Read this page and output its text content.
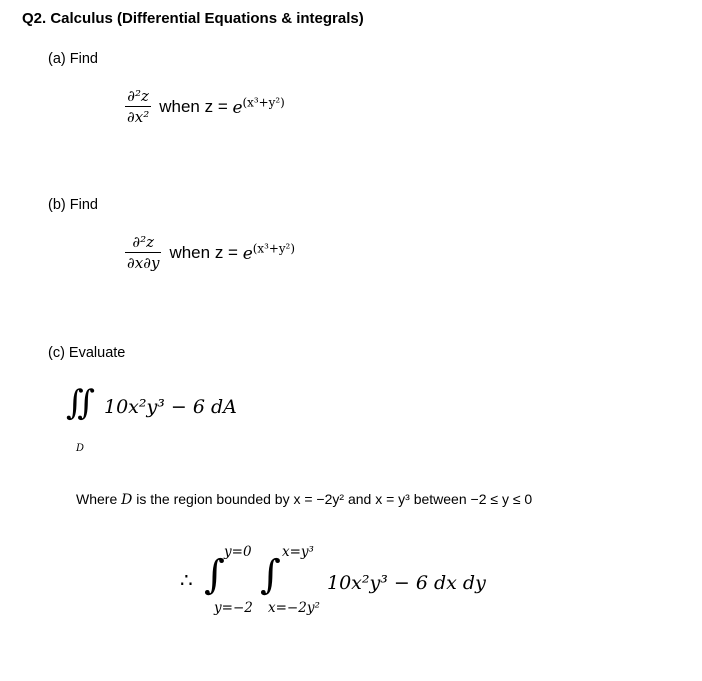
Q2. Calculus (Differential Equations & integrals)
(a) Find
$\frac{\text{∂²z}}{\text{∂x²}}$ when $z = e^{(x^3+y^2)}$
(b) Find
$\frac{\text{∂²z}}{\partial x\partial y}$ when $z = e^{(x^3+y^2)}$
(c) Evaluate
∬ 10x²y³ − 6 dA
D
Where D is the region bounded by x = −2y² and x = y³ between −2 ≤ y ≤ 0
∴ ∫ y=0
y=−2
∫ x=y³
x=−2y²
10x²y³ − 6 dx dy
